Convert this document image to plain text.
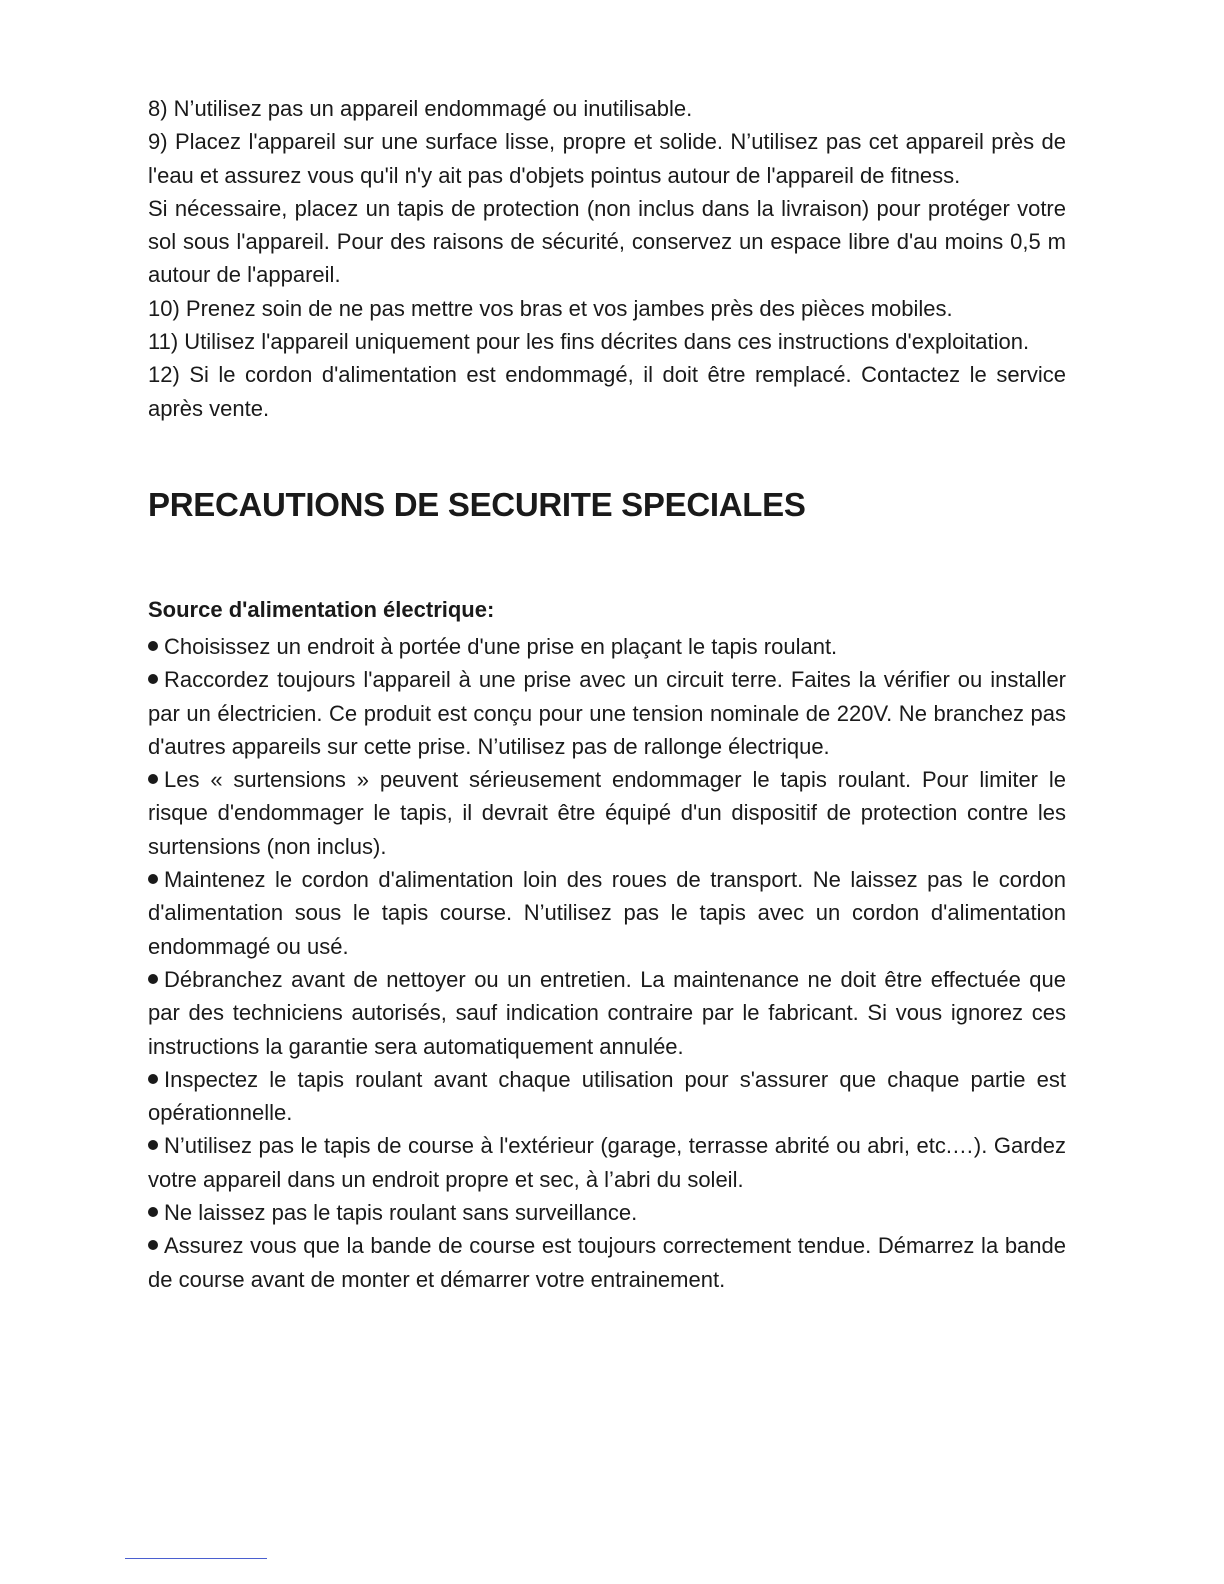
8) N’utilisez pas un appareil endommagé ou inutilisable.

9) Placez l'appareil sur une surface lisse, propre et solide. N’utilisez pas cet appareil près de l'eau et assurez vous qu'il n'y ait pas d'objets pointus autour de l'appareil de fitness.

Si nécessaire, placez un tapis de protection (non inclus dans la livraison) pour protéger votre sol sous l'appareil. Pour des raisons de sécurité, conservez un espace libre d'au moins 0,5 m autour de l'appareil.

10) Prenez soin de ne pas mettre vos bras et vos jambes près des pièces mobiles.

11) Utilisez l'appareil uniquement pour les fins décrites dans ces instructions d'exploitation.

12) Si le cordon d'alimentation est endommagé, il doit être remplacé. Contactez le service après vente.

PRECAUTIONS DE SECURITE SPECIALES
Source d'alimentation électrique:
Choisissez un endroit à portée d'une prise en plaçant le tapis roulant.
Raccordez toujours l'appareil à une prise avec un circuit terre. Faites la vérifier ou installer par un électricien. Ce produit est conçu pour une tension nominale de 220V. Ne branchez pas d'autres appareils sur cette prise. N’utilisez pas de rallonge électrique.
Les « surtensions » peuvent sérieusement endommager le tapis roulant. Pour limiter le risque d'endommager le tapis, il devrait être équipé d'un dispositif de protection contre les surtensions (non inclus).
Maintenez le cordon d'alimentation loin des roues de transport. Ne laissez pas le cordon d'alimentation sous le tapis course. N’utilisez pas le tapis avec un cordon d'alimentation endommagé ou usé.
Débranchez avant de nettoyer ou un entretien. La maintenance ne doit être effectuée que par des techniciens autorisés, sauf indication contraire par le fabricant. Si vous ignorez ces instructions la garantie sera automatiquement annulée.
Inspectez le tapis roulant avant chaque utilisation pour s'assurer que chaque partie est opérationnelle.
N’utilisez pas le tapis de course à l'extérieur (garage, terrasse abrité ou abri, etc.…). Gardez votre appareil dans un endroit propre et sec, à l’abri du soleil.
Ne laissez pas le tapis roulant sans surveillance.
Assurez vous que la bande de course est toujours correctement tendue. Démarrez la bande de course avant de monter et démarrer votre entrainement.
